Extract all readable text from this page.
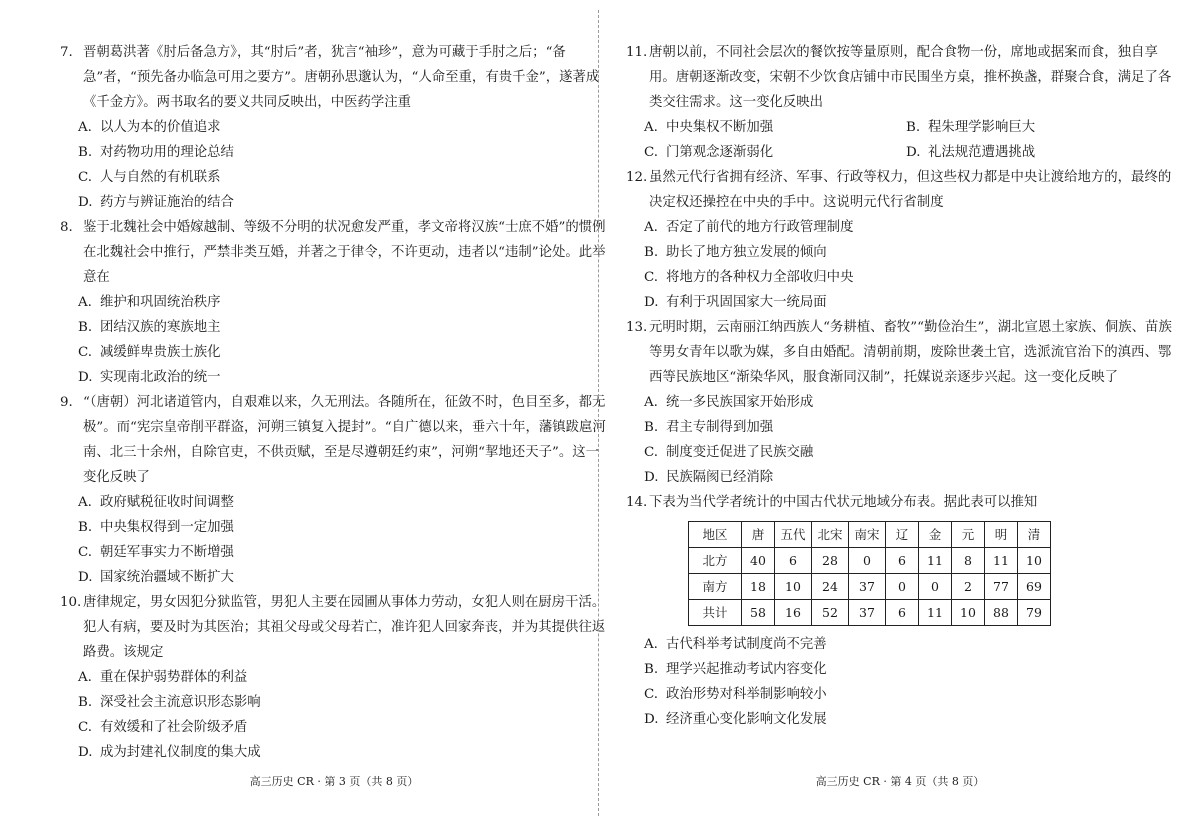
7. 晋朝葛洪著《肘后备急方》，其“肘后”者，犹言“袖珍”，意为可藏于手肘之后；“备急”者，“预先备办临急可用之要方”。唐朝孙思邈认为，“人命至重，有贵千金”，遂著成《千金方》。两书取名的要义共同反映出，中医药学注重

A. 以人为本的价值追求

B. 对药物功用的理论总结

C. 人与自然的有机联系

D. 药方与辨证施治的结合

8. 鉴于北魏社会中婚嫁越制、等级不分明的状况愈发严重，孝文帝将汉族“士庶不婚”的惯例在北魏社会中推行，严禁非类互婚，并著之于律令，不许更动，违者以“违制”论处。此举意在

A. 维护和巩固统治秩序

B. 团结汉族的寒族地主

C. 减缓鲜卑贵族士族化

D. 实现南北政治的统一

9. “（唐朝）河北诸道管内，自艰难以来，久无刑法。各随所在，征敛不时，色目至多，都无极”。而“宪宗皇帝削平群盗，河朔三镇复入提封”。“自广德以来，垂六十年，藩镇跋扈河南、北三十余州，自除官吏，不供贡赋，至是尽遵朝廷约束”，河朔“挈地还天子”。这一变化反映了

A. 政府赋税征收时间调整

B. 中央集权得到一定加强

C. 朝廷军事实力不断增强

D. 国家统治疆域不断扩大

10. 唐律规定，男女因犯分狱监管，男犯人主要在园圃从事体力劳动，女犯人则在厨房干活。犯人有病，要及时为其医治；其祖父母或父母若亡，准许犯人回家奔丧，并为其提供往返路费。该规定

A. 重在保护弱势群体的利益

B. 深受社会主流意识形态影响

C. 有效缓和了社会阶级矛盾

D. 成为封建礼仪制度的集大成

高三历史 CR · 第 3 页（共 8 页）

11. 唐朝以前，不同社会层次的餐饮按等量原则，配合食物一份，席地或据案而食，独自享用。唐朝逐渐改变，宋朝不少饮食店铺中市民围坐方桌，推杯换盏，群聚合食，满足了各类交往需求。这一变化反映出

A. 中央集权不断加强	B. 程朱理学影响巨大

C. 门第观念逐渐弱化	D. 礼法规范遭遇挑战

12. 虽然元代行省拥有经济、军事、行政等权力，但这些权力都是中央让渡给地方的，最终的决定权还操控在中央的手中。这说明元代行省制度

A. 否定了前代的地方行政管理制度

B. 助长了地方独立发展的倾向

C. 将地方的各种权力全部收归中央

D. 有利于巩固国家大一统局面

13. 元明时期，云南丽江纳西族人“务耕植、畜牧”“勤俭治生”，湖北宣恩土家族、侗族、苗族等男女青年以歌为媒，多自由婚配。清朝前期，废除世袭土官，选派流官治下的滇西、鄂西等民族地区“渐染华风，服食渐同汉制”，托媒说亲逐步兴起。这一变化反映了

A. 统一多民族国家开始形成

B. 君主专制得到加强

C. 制度变迁促进了民族交融

D. 民族隔阂已经消除

14. 下表为当代学者统计的中国古代状元地域分布表。据此表可以推知

地区	唐	五代	北宋	南宋	辽	金	元	明	清
北方	40	6	28	0	6	11	8	11	10
南方	18	10	24	37	0	0	2	77	69
共计	58	16	52	37	6	11	10	88	79

A. 古代科举考试制度尚不完善

B. 理学兴起推动考试内容变化

C. 政治形势对科举制影响较小

D. 经济重心变化影响文化发展

高三历史 CR · 第 4 页（共 8 页）
